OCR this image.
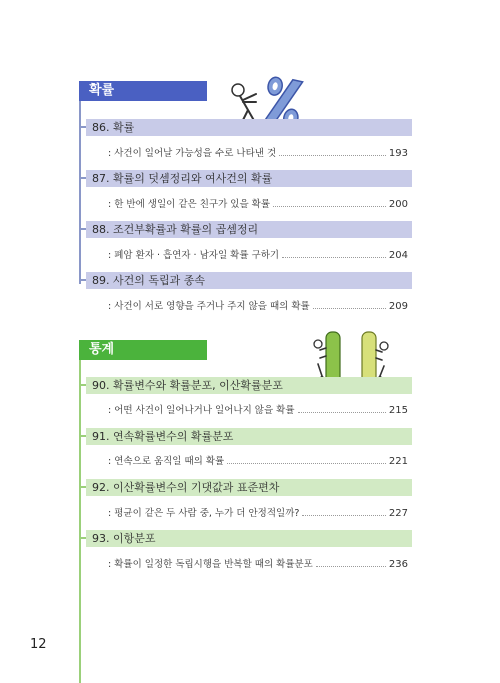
확률
86. 확률
: 사건이 일어날 가능성을 수로 나타낸 것	193
87. 확률의 덧셈정리와 여사건의 확률
: 한 반에 생일이 같은 친구가 있을 확률	200
88. 조건부확률과 확률의 곱셈정리
: 폐암 환자 · 흡연자 · 남자일 확률 구하기	204
89. 사건의 독립과 종속
: 사건이 서로 영향을 주거나 주지 않을 때의 확률	209
통계
90. 확률변수와 확률분포, 이산확률분포
: 어떤 사건이 일어나거나 일어나지 않을 확률	215
91. 연속확률변수의 확률분포
: 연속으로 움직일 때의 확률	221
92. 이산확률변수의 기댓값과 표준편차
: 평균이 같은 두 사람 중, 누가 더 안정적일까?	227
93. 이항분포
: 확률이 일정한 독립시행을 반복할 때의 확률분포	236
12
